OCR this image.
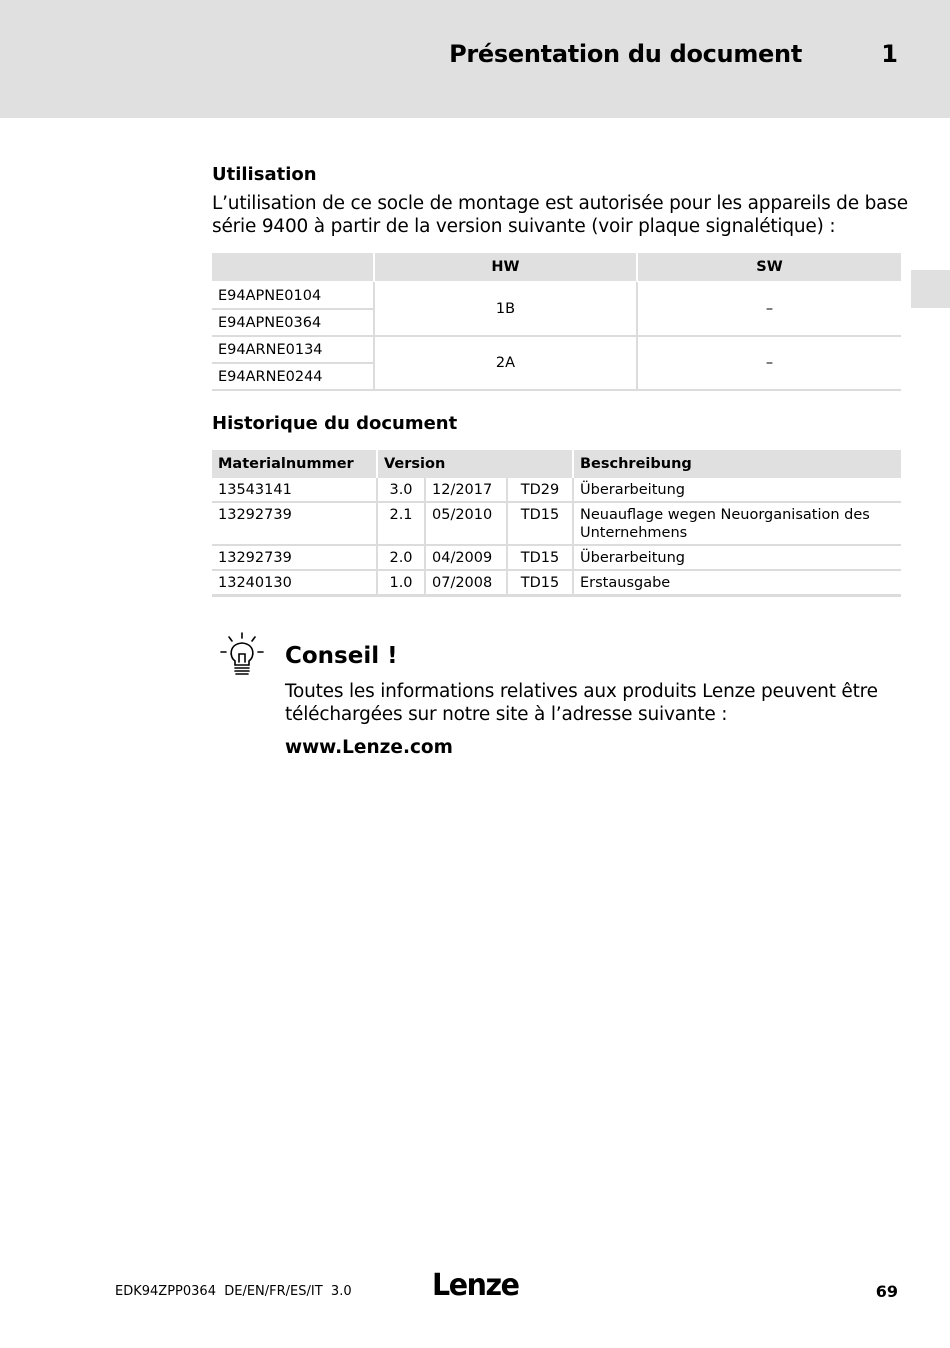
Présentation du document	1
Utilisation
L’utilisation de ce socle de montage est autorisée pour les appareils de base série 9400 à partir de la version suivante (voir plaque signalétique) :
	HW	SW
E94APNE0104	1B	–
E94APNE0364		
E94ARNE0134	2A	–
E94ARNE0244		
Historique du document
Materialnummer	Version			Beschreibung
13543141	3.0	12/2017	TD29	Überarbeitung
13292739	2.1	05/2010	TD15	Neuauflage wegen Neuorganisation des Unternehmens
13292739	2.0	04/2009	TD15	Überarbeitung
13240130	1.0	07/2008	TD15	Erstausgabe
Conseil !
Toutes les informations relatives aux produits Lenze peuvent être téléchargées sur notre site à l’adresse suivante :
www.Lenze.com
EDK94ZPP0364  DE/EN/FR/ES/IT  3.0	Lenze	69
